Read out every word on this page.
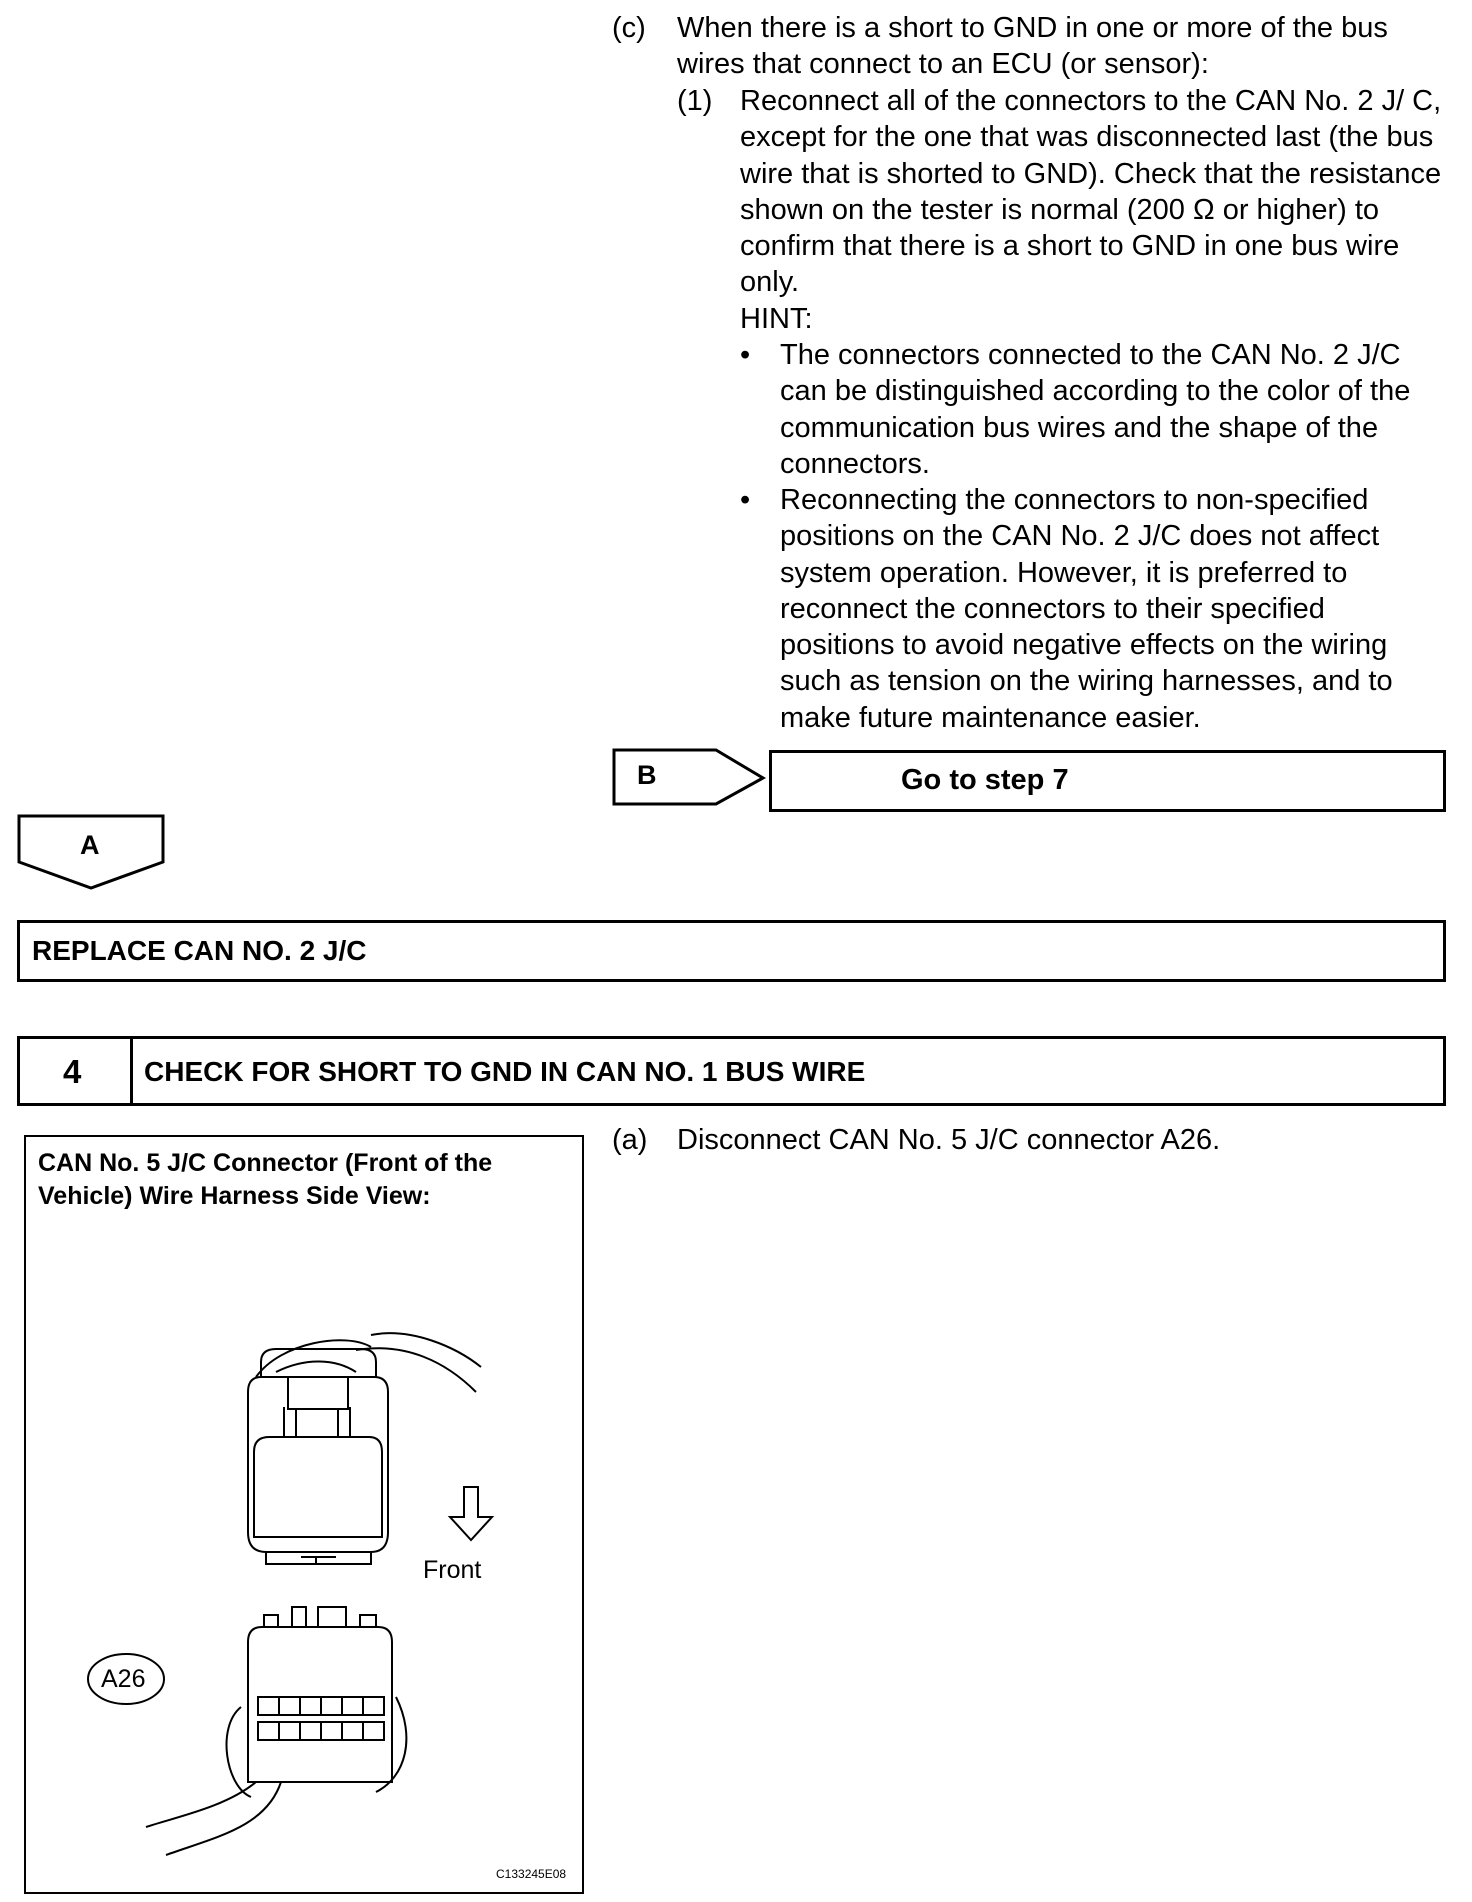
(c) When there is a short to GND in one or more of the bus wires that connect to an ECU (or sensor):
(1) Reconnect all of the connectors to the CAN No. 2 J/ C, except for the one that was disconnected last (the bus wire that is shorted to GND). Check that the resistance shown on the tester is normal (200 Ω or higher) to confirm that there is a short to GND in one bus wire only.
HINT:
• The connectors connected to the CAN No. 2 J/C can be distinguished according to the color of the communication bus wires and the shape of the connectors.
• Reconnecting the connectors to non-specified positions on the CAN No. 2 J/C does not affect system operation. However, it is preferred to reconnect the connectors to their specified positions to avoid negative effects on the wiring such as tension on the wiring harnesses, and to make future maintenance easier.
B	Go to step 7
A
REPLACE CAN NO. 2 J/C
4 CHECK FOR SHORT TO GND IN CAN NO. 1 BUS WIRE
CAN No. 5 J/C Connector (Front of the Vehicle) Wire Harness Side View:
Front
A26
C133245E08
(a) Disconnect CAN No. 5 J/C connector A26.
